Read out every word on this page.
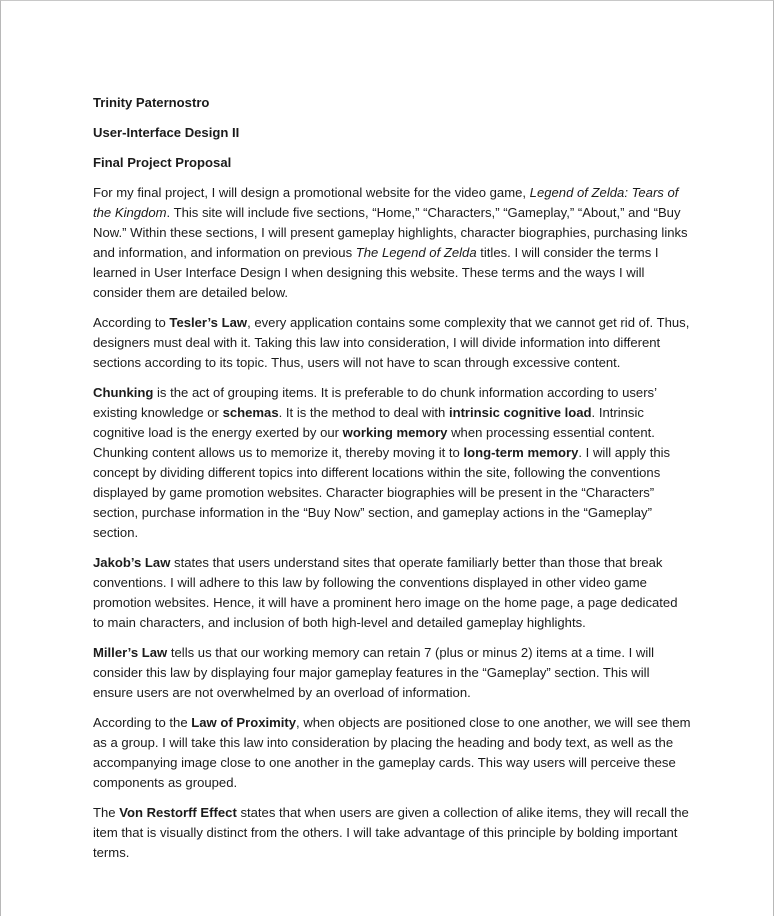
Trinity Paternostro
User-Interface Design II
Final Project Proposal

For my final project, I will design a promotional website for the video game, Legend of Zelda: Tears of the Kingdom. This site will include five sections, “Home,” “Characters,” “Gameplay,” “About,” and “Buy Now.” Within these sections, I will present gameplay highlights, character biographies, purchasing links and information, and information on previous The Legend of Zelda titles. I will consider the terms I learned in User Interface Design I when designing this website. These terms and the ways I will consider them are detailed below.

According to Tesler’s Law, every application contains some complexity that we cannot get rid of. Thus, designers must deal with it. Taking this law into consideration, I will divide information into different sections according to its topic. Thus, users will not have to scan through excessive content.

Chunking is the act of grouping items. It is preferable to do chunk information according to users’ existing knowledge or schemas. It is the method to deal with intrinsic cognitive load. Intrinsic cognitive load is the energy exerted by our working memory when processing essential content. Chunking content allows us to memorize it, thereby moving it to long-term memory. I will apply this concept by dividing different topics into different locations within the site, following the conventions displayed by game promotion websites. Character biographies will be present in the “Characters” section, purchase information in the “Buy Now” section, and gameplay actions in the “Gameplay” section.

Jakob’s Law states that users understand sites that operate familiarly better than those that break conventions. I will adhere to this law by following the conventions displayed in other video game promotion websites. Hence, it will have a prominent hero image on the home page, a page dedicated to main characters, and inclusion of both high-level and detailed gameplay highlights.

Miller’s Law tells us that our working memory can retain 7 (plus or minus 2) items at a time. I will consider this law by displaying four major gameplay features in the “Gameplay” section. This will ensure users are not overwhelmed by an overload of information.

According to the Law of Proximity, when objects are positioned close to one another, we will see them as a group. I will take this law into consideration by placing the heading and body text, as well as the accompanying image close to one another in the gameplay cards. This way users will perceive these components as grouped.

The Von Restorff Effect states that when users are given a collection of alike items, they will recall the item that is visually distinct from the others. I will take advantage of this principle by bolding important terms.
